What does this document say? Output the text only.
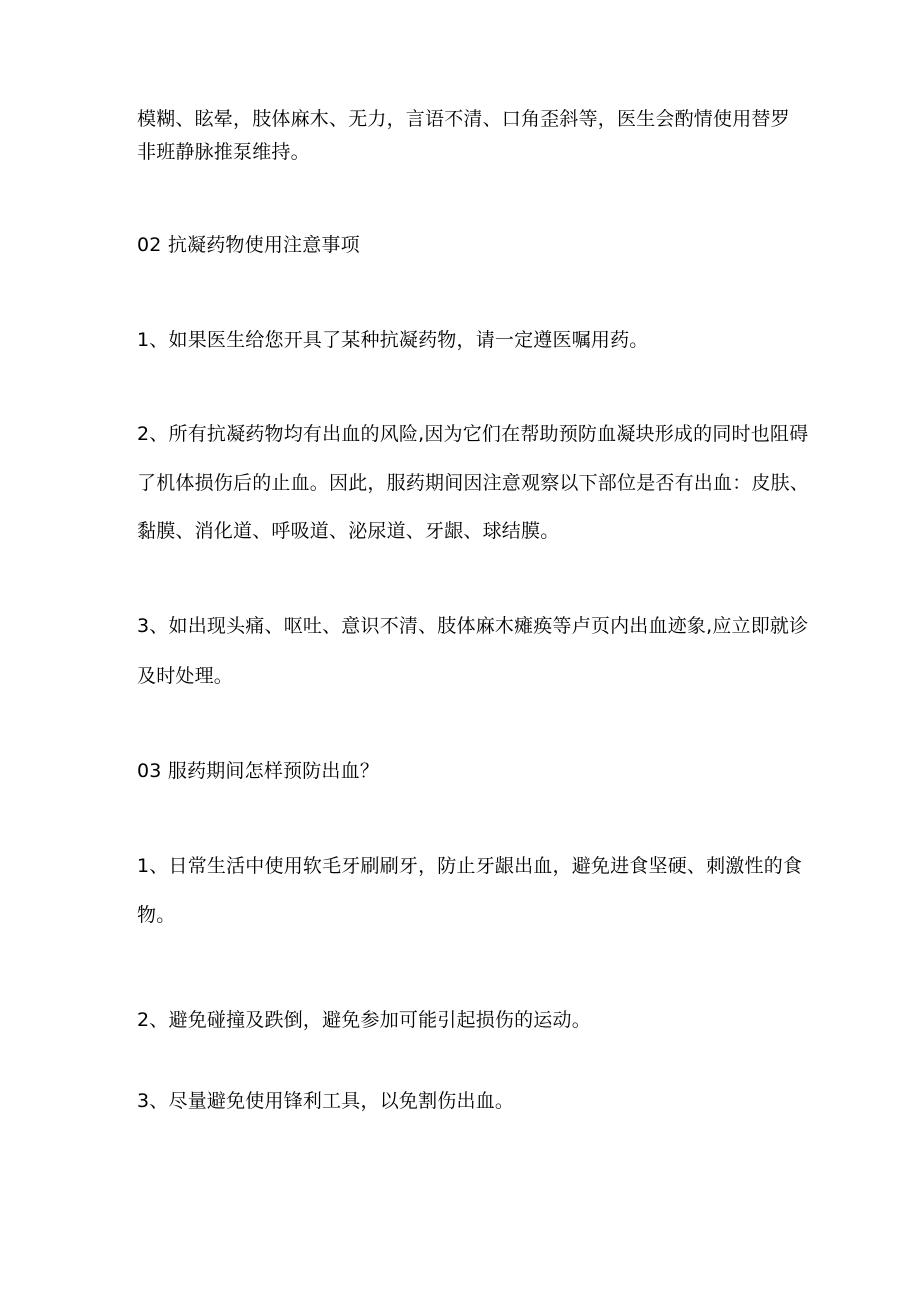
模糊、眩晕，肢体麻木、无力，言语不清、口角歪斜等，医生会酌情使用替罗

非班静脉推泵维持。

02 抗凝药物使用注意事项

1、如果医生给您开具了某种抗凝药物，请一定遵医嘱用药。

2、所有抗凝药物均有出血的风险,因为它们在帮助预防血凝块形成的同时也阻碍

了机体损伤后的止血。因此，服药期间因注意观察以下部位是否有出血：皮肤、

黏膜、消化道、呼吸道、泌尿道、牙龈、球结膜。

3、如出现头痛、呕吐、意识不清、肢体麻木瘫痪等卢页内出血迹象,应立即就诊

及时处理。

03 服药期间怎样预防出血？

1、日常生活中使用软毛牙刷刷牙，防止牙龈出血，避免进食坚硬、刺激性的食

物。

2、避免碰撞及跌倒，避免参加可能引起损伤的运动。

3、尽量避免使用锋利工具，以免割伤出血。
